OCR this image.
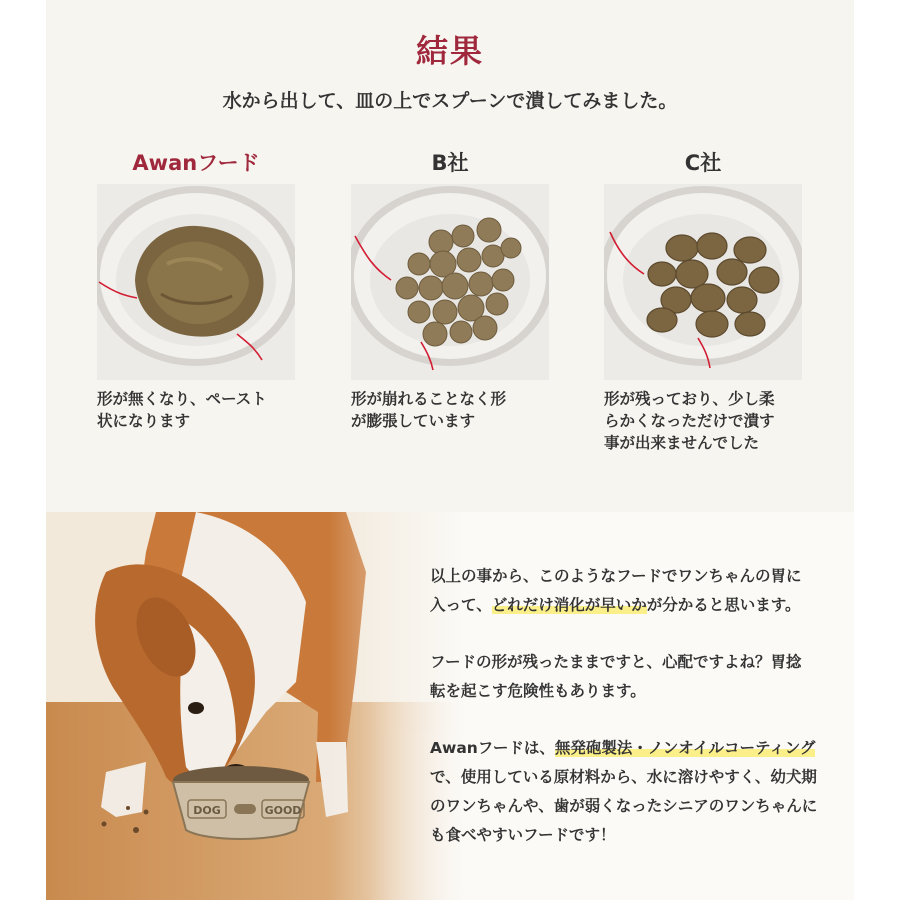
結果
水から出して、皿の上でスプーンで潰してみました。
Awanフード
形が無くなり、ペースト
状になります
B社
形が崩れることなく形
が膨張しています
C社
形が残っており、少し柔
らかくなっただけで潰す
事が出来ませんでした
以上の事から、このようなフードでワンちゃんの胃に
入って、どれだけ消化が早いかが分かると思います。
フードの形が残ったままですと、心配ですよね？胃捻
転を起こす危険性もあります。
Awanフードは、無発砲製法・ノンオイルコーティング
で、使用している原材料から、水に溶けやすく、幼犬期
のワンちゃんや、歯が弱くなったシニアのワンちゃんに
も食べやすいフードです！
